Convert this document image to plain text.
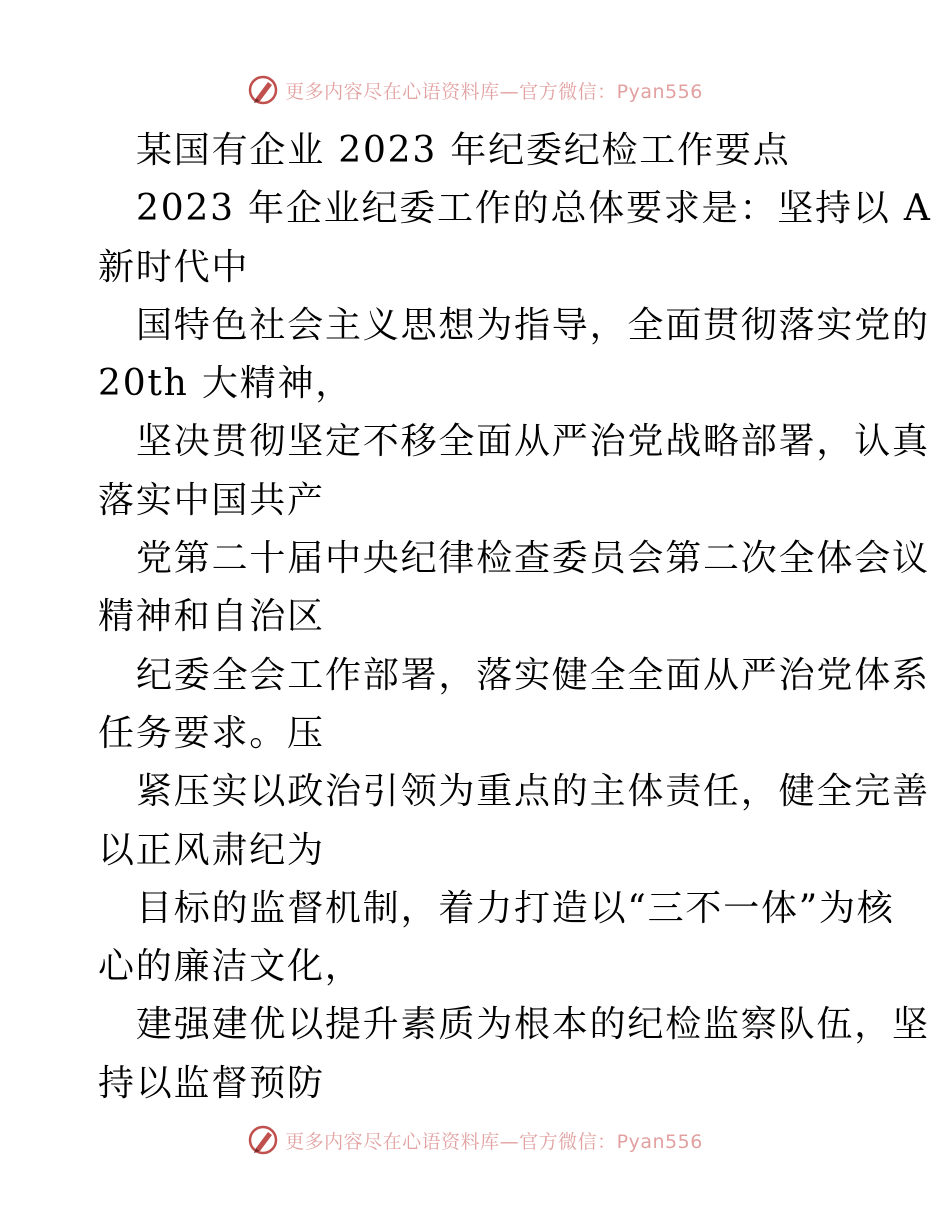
更多内容尽在心语资料库—官方微信：Pyan556
某国有企业 2023 年纪委纪检工作要点
2023 年企业纪委工作的总体要求是：坚持以 A
新时代中
国特色社会主义思想为指导，全面贯彻落实党的
20th 大精神，
坚决贯彻坚定不移全面从严治党战略部署，认真
落实中国共产
党第二十届中央纪律检查委员会第二次全体会议
精神和自治区
纪委全会工作部署，落实健全全面从严治党体系
任务要求。压
紧压实以政治引领为重点的主体责任，健全完善
以正风肃纪为
目标的监督机制，着力打造以“三不一体”为核
心的廉洁文化，
建强建优以提升素质为根本的纪检监察队伍，坚
持以监督预防
更多内容尽在心语资料库—官方微信：Pyan556
